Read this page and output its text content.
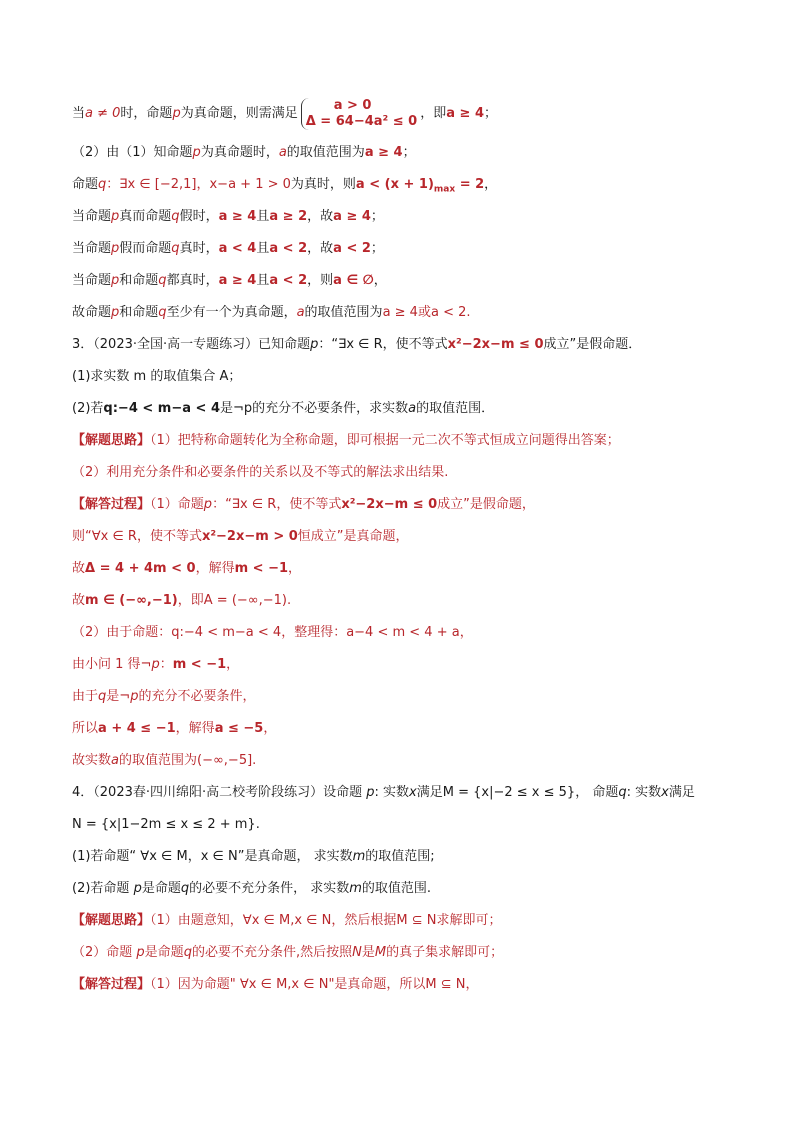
当a ≠ 0时，命题p为真命题，则需满足
a > 0
Δ = 64−4a² ≤ 0 ，即a ≥ 4；
（2）由（1）知命题p为真命题时，a的取值范围为a ≥ 4；
命题q：∃x ∈ [−2,1]，x−a + 1 > 0为真时，则$a < (x + 1)_{max} = 2$，
当命题p真而命题q假时，a ≥ 4且a ≥ 2，故a ≥ 4；
当命题p假而命题q真时，a < 4且a < 2，故a < 2；
当命题p和命题q都真时，a ≥ 4且a < 2，则a ∈ ∅，
故命题p和命题q至少有一个为真命题，a的取值范围为a ≥ 4或a < 2.
3．（2023·全国·高一专题练习）已知命题p：“∃x ∈ R，使不等式x²−2x−m ≤ 0成立”是假命题．
(1)求实数 m 的取值集合 A；
(2)若q:−4 < m−a < 4是¬p的充分不必要条件，求实数a的取值范围．
【解题思路】（1）把特称命题转化为全称命题，即可根据一元二次不等式恒成立问题得出答案；
（2）利用充分条件和必要条件的关系以及不等式的解法求出结果.
【解答过程】（1）命题p：“∃x ∈ R，使不等式x²−2x−m ≤ 0成立”是假命题，
则“∀x ∈ R，使不等式x²−2x−m > 0恒成立”是真命题，
故Δ = 4 + 4m < 0，解得m < −1，
故m ∈ (−∞,−1)，即A = (−∞,−1).
（2）由于命题：q:−4 < m−a < 4，整理得：a−4 < m < 4 + a，
由小问 1 得¬p：m < −1，
由于q是¬p的充分不必要条件，
所以a + 4 ≤ −1，解得a ≤ −5，
故实数a的取值范围为(−∞,−5].
4．（2023春·四川绵阳·高二校考阶段练习）设命题 p: 实数x满足M = {x|−2 ≤ x ≤ 5}， 命题q: 实数x满足
N = {x|1−2m ≤ x ≤ 2 + m}.
(1)若命题“ ∀x ∈ M，x ∈ N”是真命题， 求实数m的取值范围;
(2)若命题 p是命题q的必要不充分条件， 求实数m的取值范围.
【解题思路】（1）由题意知，∀x ∈ M,x ∈ N，然后根据M ⊆ N求解即可；
（2）命题 p是命题q的必要不充分条件,然后按照N是M的真子集求解即可；
【解答过程】（1）因为命题" ∀x ∈ M,x ∈ N"是真命题，所以M ⊆ N，
